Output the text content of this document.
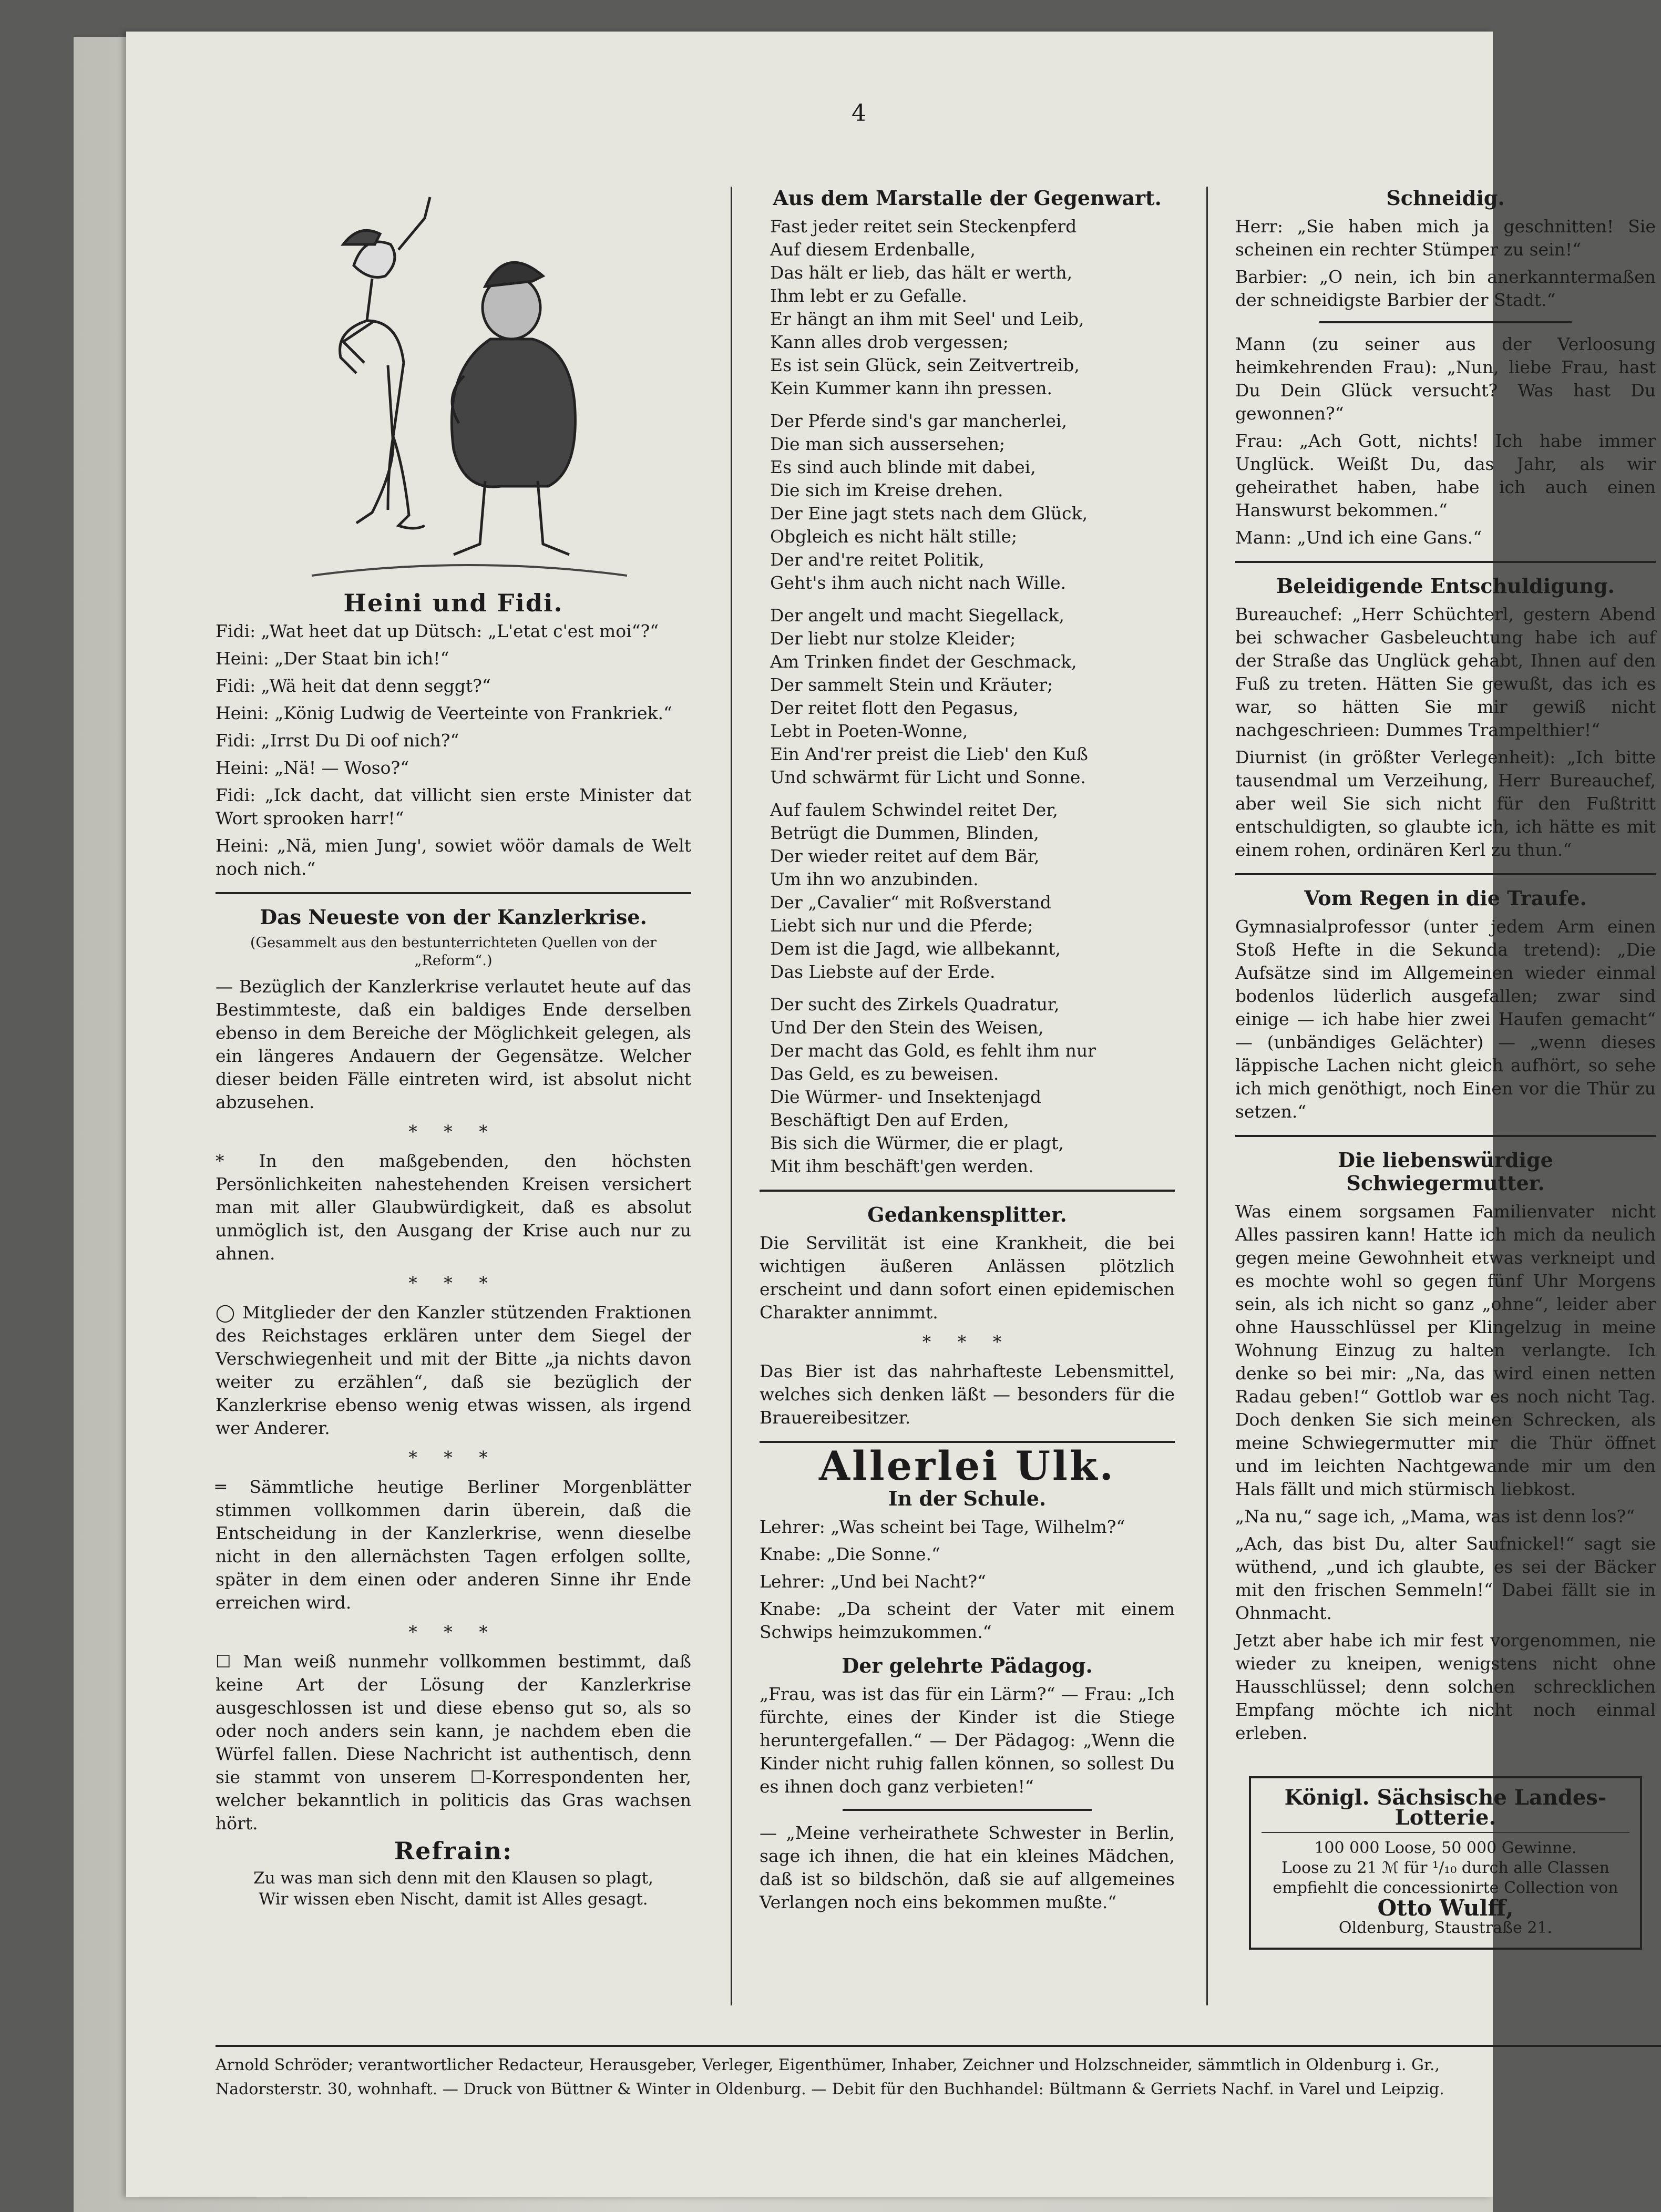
4
Heini und Fidi.
Fidi: „Wat heet dat up Dütsch: „L'etat c'est moi“?“
Heini: „Der Staat bin ich!“
Fidi: „Wä heit dat denn seggt?“
Heini: „König Ludwig de Veerteinte von Frankriek.“
Fidi: „Irrst Du Di oof nich?“
Heini: „Nä! — Woso?“
Fidi: „Ick dacht, dat villicht sien erste Minister dat Wort sprooken harr!“
Heini: „Nä, mien Jung', sowiet wöör damals de Welt noch nich.“
Das Neueste von der Kanzlerkrise.
(Gesammelt aus den bestunterrichteten Quellen von der „Reform“.)
— Bezüglich der Kanzlerkrise verlautet heute auf das Bestimmteste, daß ein baldiges Ende derselben ebenso in dem Bereiche der Möglichkeit gelegen, als ein längeres Andauern der Gegensätze. Welcher dieser beiden Fälle eintreten wird, ist absolut nicht abzusehen.
* * *
* In den maßgebenden, den höchsten Persönlichkeiten nahestehenden Kreisen versichert man mit aller Glaubwürdigkeit, daß es absolut unmöglich ist, den Ausgang der Krise auch nur zu ahnen.
* * *
◯ Mitglieder der den Kanzler stützenden Fraktionen des Reichstages erklären unter dem Siegel der Verschwiegenheit und mit der Bitte „ja nichts davon weiter zu erzählen“, daß sie bezüglich der Kanzlerkrise ebenso wenig etwas wissen, als irgend wer Anderer.
* * *
═ Sämmtliche heutige Berliner Morgenblätter stimmen vollkommen darin überein, daß die Entscheidung in der Kanzlerkrise, wenn dieselbe nicht in den allernächsten Tagen erfolgen sollte, später in dem einen oder anderen Sinne ihr Ende erreichen wird.
* * *
☐ Man weiß nunmehr vollkommen bestimmt, daß keine Art der Lösung der Kanzlerkrise ausgeschlossen ist und diese ebenso gut so, als so oder noch anders sein kann, je nachdem eben die Würfel fallen. Diese Nachricht ist authentisch, denn sie stammt von unserem ☐-Korrespondenten her, welcher bekanntlich in politicis das Gras wachsen hört.
Refrain:
Zu was man sich denn mit den Klausen so plagt,
Wir wissen eben Nischt, damit ist Alles gesagt.
Aus dem Marstalle der Gegenwart.
Fast jeder reitet sein Steckenpferd
Auf diesem Erdenballe,
Das hält er lieb, das hält er werth,
Ihm lebt er zu Gefalle.
Er hängt an ihm mit Seel' und Leib,
Kann alles drob vergessen;
Es ist sein Glück, sein Zeitvertreib,
Kein Kummer kann ihn pressen.
Der Pferde sind's gar mancherlei,
Die man sich aussersehen;
Es sind auch blinde mit dabei,
Die sich im Kreise drehen.
Der Eine jagt stets nach dem Glück,
Obgleich es nicht hält stille;
Der and're reitet Politik,
Geht's ihm auch nicht nach Wille.
Der angelt und macht Siegellack,
Der liebt nur stolze Kleider;
Am Trinken findet der Geschmack,
Der sammelt Stein und Kräuter;
Der reitet flott den Pegasus,
Lebt in Poeten-Wonne,
Ein And'rer preist die Lieb' den Kuß
Und schwärmt für Licht und Sonne.
Auf faulem Schwindel reitet Der,
Betrügt die Dummen, Blinden,
Der wieder reitet auf dem Bär,
Um ihn wo anzubinden.
Der „Cavalier“ mit Roßverstand
Liebt sich nur und die Pferde;
Dem ist die Jagd, wie allbekannt,
Das Liebste auf der Erde.
Der sucht des Zirkels Quadratur,
Und Der den Stein des Weisen,
Der macht das Gold, es fehlt ihm nur
Das Geld, es zu beweisen.
Die Würmer- und Insektenjagd
Beschäftigt Den auf Erden,
Bis sich die Würmer, die er plagt,
Mit ihm beschäft'gen werden.
Gedankensplitter.
Die Servilität ist eine Krankheit, die bei wichtigen äußeren Anlässen plötzlich erscheint und dann sofort einen epidemischen Charakter annimmt.
* * *
Das Bier ist das nahrhafteste Lebensmittel, welches sich denken läßt — besonders für die Brauereibesitzer.
Allerlei Ulk.
In der Schule.
Lehrer: „Was scheint bei Tage, Wilhelm?“
Knabe: „Die Sonne.“
Lehrer: „Und bei Nacht?“
Knabe: „Da scheint der Vater mit einem Schwips heimzukommen.“
Der gelehrte Pädagog.
„Frau, was ist das für ein Lärm?“ — Frau: „Ich fürchte, eines der Kinder ist die Stiege heruntergefallen.“ — Der Pädagog: „Wenn die Kinder nicht ruhig fallen können, so sollest Du es ihnen doch ganz verbieten!“
— „Meine verheirathete Schwester in Berlin, sage ich ihnen, die hat ein kleines Mädchen, daß ist so bildschön, daß sie auf allgemeines Verlangen noch eins bekommen mußte.“
Schneidig.
Herr: „Sie haben mich ja geschnitten! Sie scheinen ein rechter Stümper zu sein!“
Barbier: „O nein, ich bin anerkanntermaßen der schneidigste Barbier der Stadt.“
Mann (zu seiner aus der Verloosung heimkehrenden Frau): „Nun, liebe Frau, hast Du Dein Glück versucht? Was hast Du gewonnen?“
Frau: „Ach Gott, nichts! Ich habe immer Unglück. Weißt Du, das Jahr, als wir geheirathet haben, habe ich auch einen Hanswurst bekommen.“
Mann: „Und ich eine Gans.“
Beleidigende Entschuldigung.
Bureauchef: „Herr Schüchterl, gestern Abend bei schwacher Gasbeleuchtung habe ich auf der Straße das Unglück gehabt, Ihnen auf den Fuß zu treten. Hätten Sie gewußt, das ich es war, so hätten Sie mir gewiß nicht nachgeschrieen: Dummes Trampelthier!“
Diurnist (in größter Verlegenheit): „Ich bitte tausendmal um Verzeihung, Herr Bureauchef, aber weil Sie sich nicht für den Fußtritt entschuldigten, so glaubte ich, ich hätte es mit einem rohen, ordinären Kerl zu thun.“
Vom Regen in die Traufe.
Gymnasialprofessor (unter jedem Arm einen Stoß Hefte in die Sekunda tretend): „Die Aufsätze sind im Allgemeinen wieder einmal bodenlos lüderlich ausgefallen; zwar sind einige — ich habe hier zwei Haufen gemacht“ — (unbändiges Gelächter) — „wenn dieses läppische Lachen nicht gleich aufhört, so sehe ich mich genöthigt, noch Einen vor die Thür zu setzen.“
Die liebenswürdige Schwiegermutter.
Was einem sorgsamen Familienvater nicht Alles passiren kann! Hatte ich mich da neulich gegen meine Gewohnheit etwas verkneipt und es mochte wohl so gegen fünf Uhr Morgens sein, als ich nicht so ganz „ohne“, leider aber ohne Hausschlüssel per Klingelzug in meine Wohnung Einzug zu halten verlangte. Ich denke so bei mir: „Na, das wird einen netten Radau geben!“ Gottlob war es noch nicht Tag. Doch denken Sie sich meinen Schrecken, als meine Schwiegermutter mir die Thür öffnet und im leichten Nachtgewande mir um den Hals fällt und mich stürmisch liebkost.
„Na nu,“ sage ich, „Mama, was ist denn los?“
„Ach, das bist Du, alter Saufnickel!“ sagt sie wüthend, „und ich glaubte, es sei der Bäcker mit den frischen Semmeln!“ Dabei fällt sie in Ohnmacht.
Jetzt aber habe ich mir fest vorgenommen, nie wieder zu kneipen, wenigstens nicht ohne Hausschlüssel; denn solchen schrecklichen Empfang möchte ich nicht noch einmal erleben.
Königl. Sächsische Landes-Lotterie.
100 000 Loose, 50 000 Gewinne.
Loose zu 21 ℳ für ¹/₁₀ durch alle Classen empfiehlt die concessionirte Collection von
Otto Wulff,
Oldenburg, Staustraße 21.
Arnold Schröder; verantwortlicher Redacteur, Herausgeber, Verleger, Eigenthümer, Inhaber, Zeichner und Holzschneider, sämmtlich in Oldenburg i. Gr.,
Nadorsterstr. 30, wohnhaft. — Druck von Büttner & Winter in Oldenburg. — Debit für den Buchhandel: Bültmann & Gerriets Nachf. in Varel und Leipzig.
